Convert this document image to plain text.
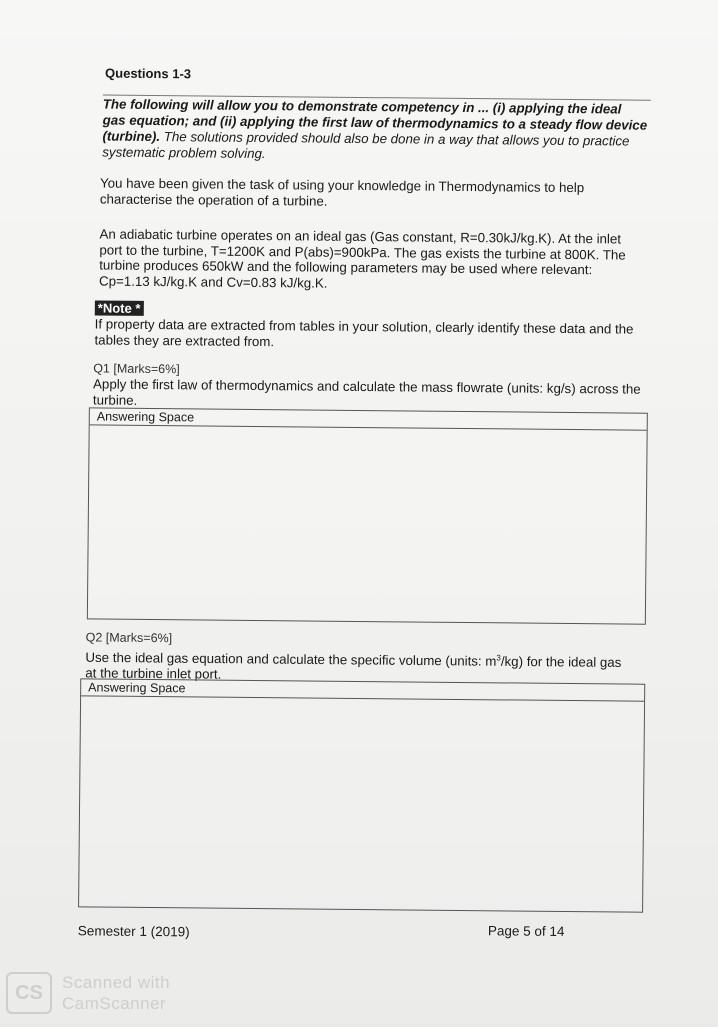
Questions 1-3
The following will allow you to demonstrate competency in ... (i) applying the ideal gas equation; and (ii) applying the first law of thermodynamics to a steady flow device (turbine). The solutions provided should also be done in a way that allows you to practice systematic problem solving.
You have been given the task of using your knowledge in Thermodynamics to help characterise the operation of a turbine.
An adiabatic turbine operates on an ideal gas (Gas constant, R=0.30kJ/kg.K). At the inlet port to the turbine, T=1200K and P(abs)=900kPa. The gas exists the turbine at 800K. The turbine produces 650kW and the following parameters may be used where relevant: Cp=1.13 kJ/kg.K and Cv=0.83 kJ/kg.K.
*Note *
If property data are extracted from tables in your solution, clearly identify these data and the tables they are extracted from.
Q1 [Marks=6%]
Apply the first law of thermodynamics and calculate the mass flowrate (units: kg/s) across the turbine.
Answering Space
Q2 [Marks=6%]
Use the ideal gas equation and calculate the specific volume (units: $m^3/kg$) for the ideal gas at the turbine inlet port.
Answering Space
Semester 1 (2019)	Page 5 of 14
CS	Scanned with
CamScanner
